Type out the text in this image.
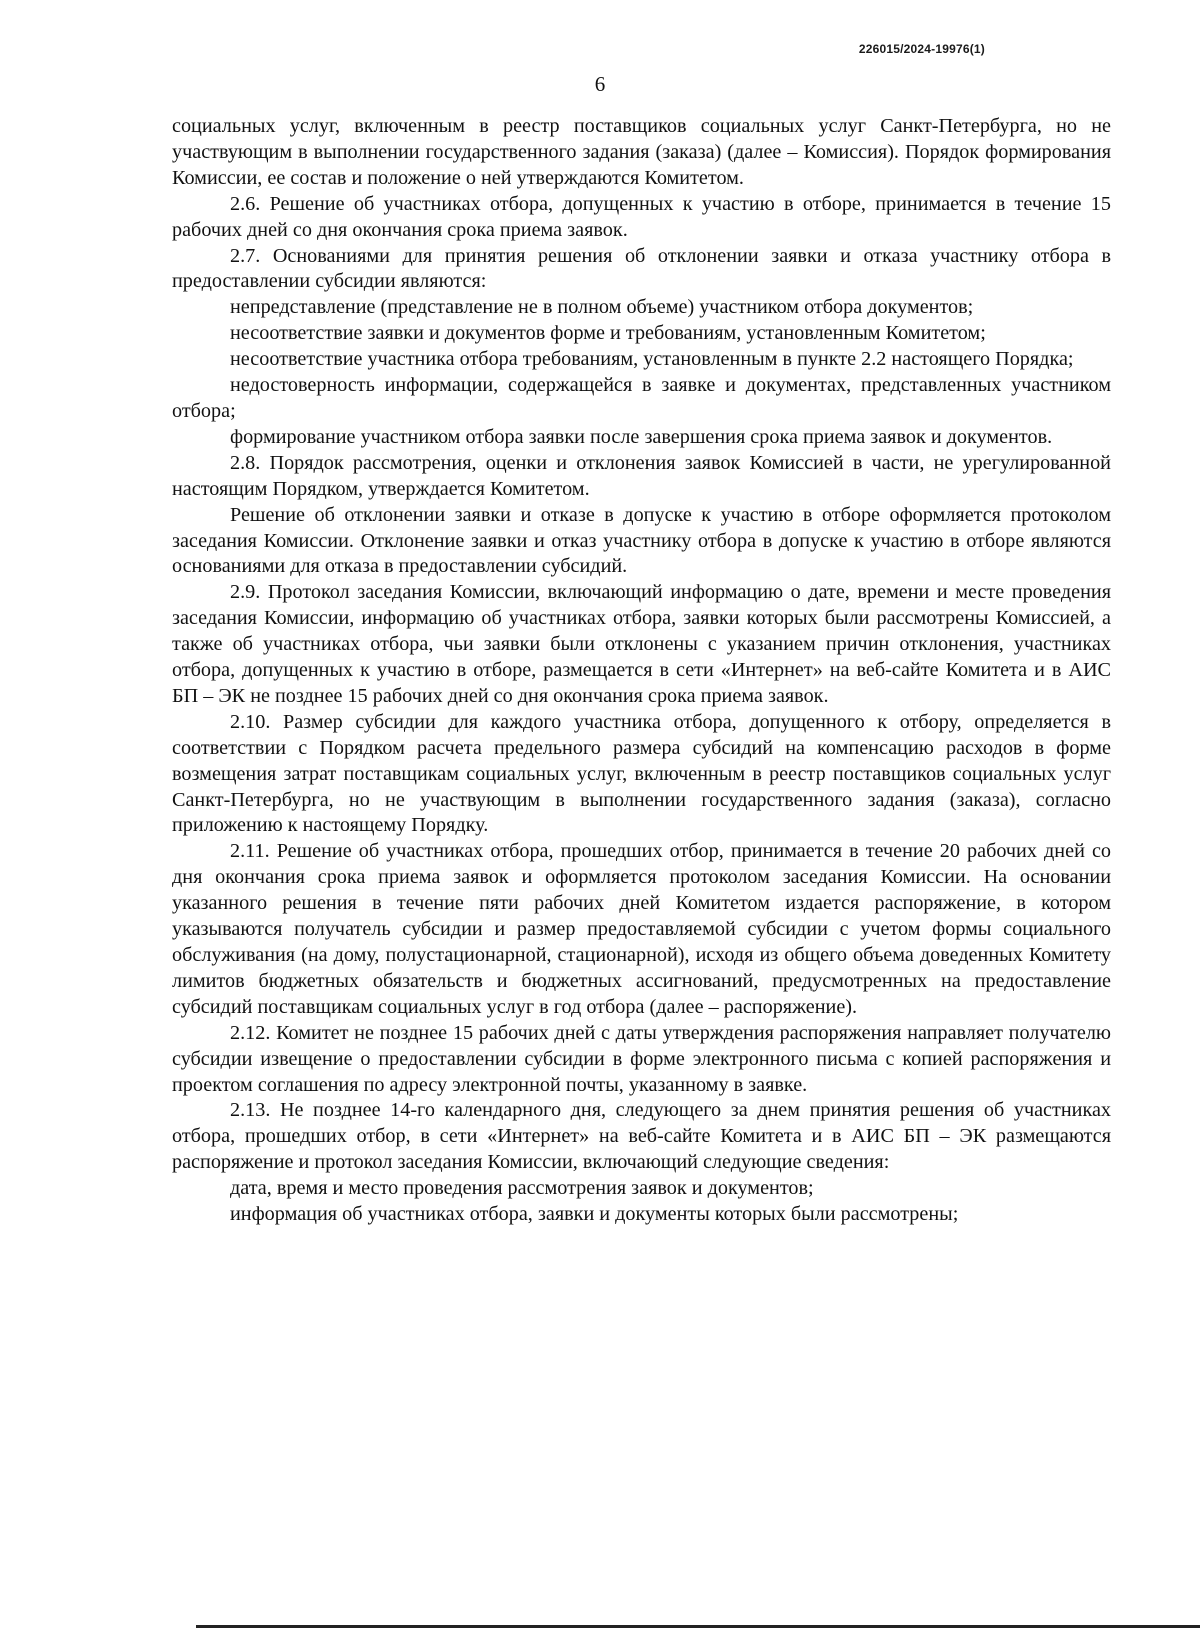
226015/2024-19976(1)
6

социальных услуг, включенным в реестр поставщиков социальных услуг Санкт-Петербурга, но не участвующим в выполнении государственного задания (заказа) (далее – Комиссия). Порядок формирования Комиссии, ее состав и положение о ней утверждаются Комитетом.

2.6. Решение об участниках отбора, допущенных к участию в отборе, принимается в течение 15 рабочих дней со дня окончания срока приема заявок.

2.7. Основаниями для принятия решения об отклонении заявки и отказа участнику отбора в предоставлении субсидии являются:

непредставление (представление не в полном объеме) участником отбора документов;

несоответствие заявки и документов форме и требованиям, установленным Комитетом;

несоответствие участника отбора требованиям, установленным в пункте 2.2 настоящего Порядка;

недостоверность информации, содержащейся в заявке и документах, представленных участником отбора;

формирование участником отбора заявки после завершения срока приема заявок и документов.

2.8. Порядок рассмотрения, оценки и отклонения заявок Комиссией в части, не урегулированной настоящим Порядком, утверждается Комитетом.

Решение об отклонении заявки и отказе в допуске к участию в отборе оформляется протоколом заседания Комиссии. Отклонение заявки и отказ участнику отбора в допуске к участию в отборе являются основаниями для отказа в предоставлении субсидий.

2.9. Протокол заседания Комиссии, включающий информацию о дате, времени и месте проведения заседания Комиссии, информацию об участниках отбора, заявки которых были рассмотрены Комиссией, а также об участниках отбора, чьи заявки были отклонены с указанием причин отклонения, участниках отбора, допущенных к участию в отборе, размещается в сети «Интернет» на веб-сайте Комитета и в АИС БП – ЭК не позднее 15 рабочих дней со дня окончания срока приема заявок.

2.10. Размер субсидии для каждого участника отбора, допущенного к отбору, определяется в соответствии с Порядком расчета предельного размера субсидий на компенсацию расходов в форме возмещения затрат поставщикам социальных услуг, включенным в реестр поставщиков социальных услуг Санкт-Петербурга, но не участвующим в выполнении государственного задания (заказа), согласно приложению к настоящему Порядку.

2.11. Решение об участниках отбора, прошедших отбор, принимается в течение 20 рабочих дней со дня окончания срока приема заявок и оформляется протоколом заседания Комиссии. На основании указанного решения в течение пяти рабочих дней Комитетом издается распоряжение, в котором указываются получатель субсидии и размер предоставляемой субсидии с учетом формы социального обслуживания (на дому, полустационарной, стационарной), исходя из общего объема доведенных Комитету лимитов бюджетных обязательств и бюджетных ассигнований, предусмотренных на предоставление субсидий поставщикам социальных услуг в год отбора (далее – распоряжение).

2.12. Комитет не позднее 15 рабочих дней с даты утверждения распоряжения направляет получателю субсидии извещение о предоставлении субсидии в форме электронного письма с копией распоряжения и проектом соглашения по адресу электронной почты, указанному в заявке.

2.13. Не позднее 14-го календарного дня, следующего за днем принятия решения об участниках отбора, прошедших отбор, в сети «Интернет» на веб-сайте Комитета и в АИС БП – ЭК размещаются распоряжение и протокол заседания Комиссии, включающий следующие сведения:

дата, время и место проведения рассмотрения заявок и документов;

информация об участниках отбора, заявки и документы которых были рассмотрены;
